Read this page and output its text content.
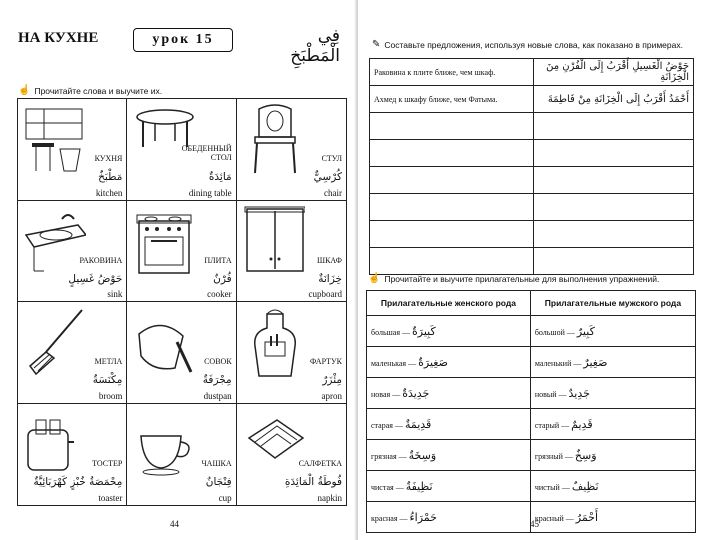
НА КУХНЕ	урок 15	فِي الْمَطْبَخِ
☝ Прочитайте слова и выучите их.
КУХНЯ
مَطْبَخٌ
kitchen
ОБЕДЕННЫЙ СТОЛ
مَائِدَةٌ
dining table
СТУЛ
كُرْسِيٌّ
chair
РАКОВИНА
حَوْضُ غَسِيلٍ
sink
ПЛИТА
فُرْنٌ
cooker
ШКАФ
خِزَانَةٌ
cupboard
МЕТЛА
مِكْنَسَةٌ
broom
СОВОК
مِجْرَفَةٌ
dustpan
ФАРТУК
مِئْزَرٌ
apron
ТОСТЕР
مِحْمَصَةُ خُبْزٍ كَهْرَبَائِيَّةٌ
toaster
ЧАШКА
فِنْجَانٌ
cup
САЛФЕТКА
فُوطَةُ الْمَائِدَةِ
napkin
44
✎ Составьте предложения, используя новые слова, как показано в примерах.
Раковина к плите ближе, чем шкаф.	حَوْضُ الْغَسِيلِ أَقْرَبُ إِلَى الْفُرْنِ مِنَ الْخِزَانَةِ
Ахмед к шкафу ближе, чем Фатыма.	أَحْمَدُ أَقْرَبُ إِلَى الْخِزَانَةِ مِنْ فَاطِمَةَ

☝ Прочитайте и выучите прилагательные для выполнения упражнений.
Прилагательные женского рода	Прилагательные мужского рода
большая — كَبِيرَةٌ	большой — كَبِيرٌ
маленькая — صَغِيرَةٌ	маленький — صَغِيرٌ
новая — جَدِيدَةٌ	новый — جَدِيدٌ
старая — قَدِيمَةٌ	старый — قَدِيمٌ
грязная — وَسِخَةٌ	грязный — وَسِخٌ
чистая — نَظِيفَةٌ	чистый — نَظِيفٌ
красная — حَمْرَاءُ	красный — أَحْمَرُ
45
